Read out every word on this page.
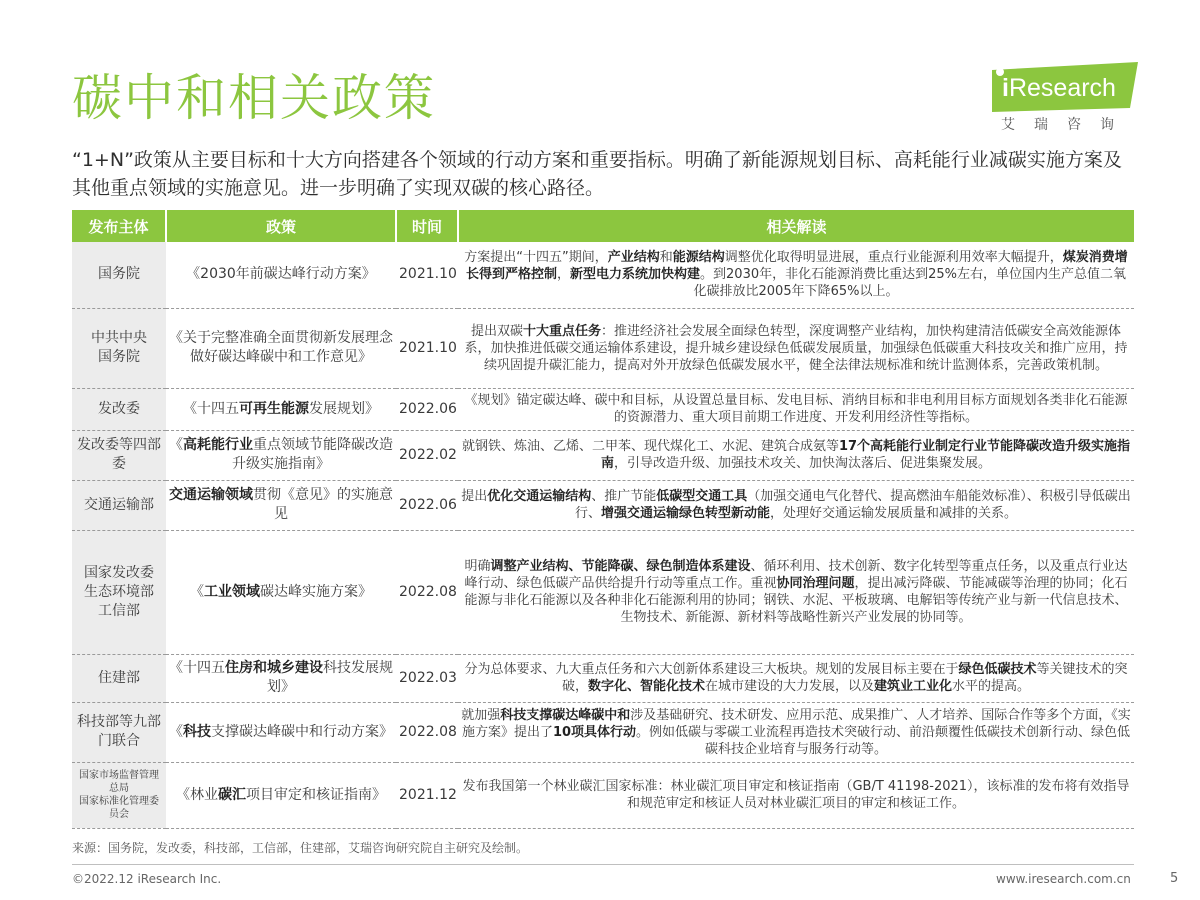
碳中和相关政策	iResearch
艾瑞咨询
“1+N”政策从主要目标和十大方向搭建各个领域的行动方案和重要指标。明确了新能源规划目标、高耗能行业减碳实施方案及其他重点领域的实施意见。进一步明确了实现双碳的核心路径。
发布主体	政策	时间	相关解读
国务院	《2030年前碳达峰行动方案》	2021.10	方案提出“十四五”期间，产业结构和能源结构调整优化取得明显进展，重点行业能源利用效率大幅提升，煤炭消费增长得到严格控制，新型电力系统加快构建。到2030年，非化石能源消费比重达到25%左右，单位国内生产总值二氧化碳排放比2005年下降65%以上。
中共中央
国务院	《关于完整准确全面贯彻新发展理念做好碳达峰碳中和工作意见》	2021.10	提出双碳十大重点任务：推进经济社会发展全面绿色转型，深度调整产业结构，加快构建清洁低碳安全高效能源体系，加快推进低碳交通运输体系建设，提升城乡建设绿色低碳发展质量，加强绿色低碳重大科技攻关和推广应用，持续巩固提升碳汇能力，提高对外开放绿色低碳发展水平，健全法律法规标准和统计监测体系，完善政策机制。
发改委	《十四五可再生能源发展规划》	2022.06	《规划》锚定碳达峰、碳中和目标，从设置总量目标、发电目标、消纳目标和非电利用目标方面规划各类非化石能源的资源潜力、重大项目前期工作进度、开发利用经济性等指标。
发改委等四部委	《高耗能行业重点领域节能降碳改造升级实施指南》	2022.02	就钢铁、炼油、乙烯、二甲苯、现代煤化工、水泥、建筑合成氨等17个高耗能行业制定行业节能降碳改造升级实施指南，引导改造升级、加强技术攻关、加快淘汰落后、促进集聚发展。
交通运输部	交通运输领域贯彻《意见》的实施意见	2022.06	提出优化交通运输结构、推广节能低碳型交通工具（加强交通电气化替代、提高燃油车船能效标准）、积极引导低碳出行、增强交通运输绿色转型新动能，处理好交通运输发展质量和减排的关系。
国家发改委
生态环境部
工信部	《工业领域碳达峰实施方案》	2022.08	明确调整产业结构、节能降碳、绿色制造体系建设、循环利用、技术创新、数字化转型等重点任务，以及重点行业达峰行动、绿色低碳产品供给提升行动等重点工作。重视协同治理问题，提出减污降碳、节能减碳等治理的协同；化石能源与非化石能源以及各种非化石能源利用的协同；钢铁、水泥、平板玻璃、电解铝等传统产业与新一代信息技术、生物技术、新能源、新材料等战略性新兴产业发展的协同等。
住建部	《十四五住房和城乡建设科技发展规划》	2022.03	分为总体要求、九大重点任务和六大创新体系建设三大板块。规划的发展目标主要在于绿色低碳技术等关键技术的突破，数字化、智能化技术在城市建设的大力发展，以及建筑业工业化水平的提高。
科技部等九部门联合	《科技支撑碳达峰碳中和行动方案》	2022.08	就加强科技支撑碳达峰碳中和涉及基础研究、技术研发、应用示范、成果推广、人才培养、国际合作等多个方面，《实施方案》提出了10项具体行动。例如低碳与零碳工业流程再造技术突破行动、前沿颠覆性低碳技术创新行动、绿色低碳科技企业培育与服务行动等。
国家市场监督管理总局
国家标准化管理委员会	《林业碳汇项目审定和核证指南》	2021.12	发布我国第一个林业碳汇国家标准：林业碳汇项目审定和核证指南（GB/T 41198-2021），该标准的发布将有效指导和规范审定和核证人员对林业碳汇项目的审定和核证工作。
来源：国务院，发改委，科技部，工信部，住建部，艾瑞咨询研究院自主研究及绘制。
©2022.12 iResearch Inc.	www.iresearch.com.cn	5
